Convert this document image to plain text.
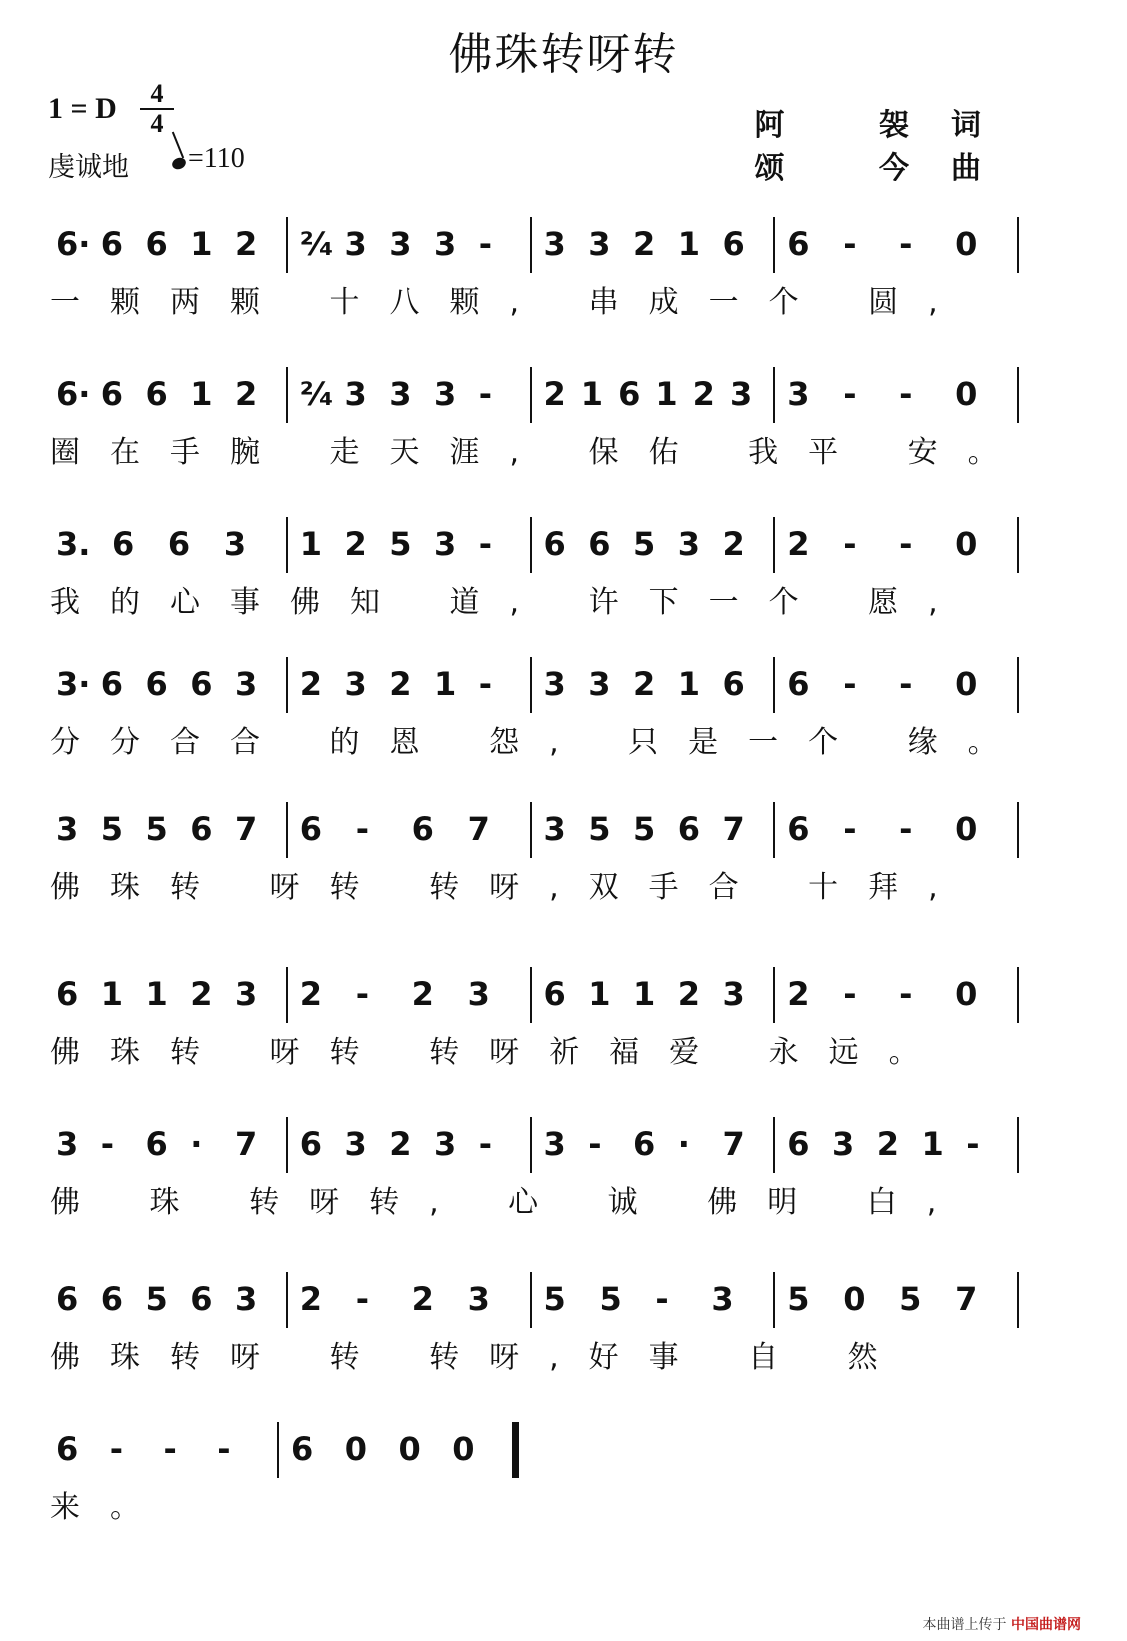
佛珠转呀转
1 = D	4
4
虔诚地	=110
阿 袈词
颂 今曲
6· 6 6 1 2 ²⁄₄ 3 3 3 - 3 3 2 1 6 6 - - 0
一颗两颗 十八颗, 串成一个 圆,
6· 6 6 1 2 ²⁄₄ 3 3 3 - 2 1 6 1 2 3 3 - - 0
圈在手腕 走天涯, 保佑 我平 安。
3. 6 6 3 1 2 5 3 - 6 6 5 3 2 2 - - 0
我的心事佛知 道, 许下一个 愿,
3· 6 6 6 3 2 3 2 1 - 3 3 2 1 6 6 - - 0
分分合合 的恩 怨, 只是一个 缘。
3 5 5 6 7 6 - 6 7 3 5 5 6 7 6 - - 0
佛珠转 呀转 转呀,双手合 十拜,
6 1 1 2 3 2 - 2 3 6 1 1 2 3 2 - - 0
佛珠转 呀转 转呀祈福爱 永远。
3 - 6 · 7 6 3 2 3 - 3 - 6 · 7 6 3 2 1 -
佛 珠 转呀转, 心 诚 佛明 白,
6 6 5 6 3 2 - 2 3 5 5 - 3 5 0 5 7
佛珠转呀 转 转呀,好事 自 然
6 - - - 6 0 0 0
来。
本曲谱上传于 中国曲谱网
